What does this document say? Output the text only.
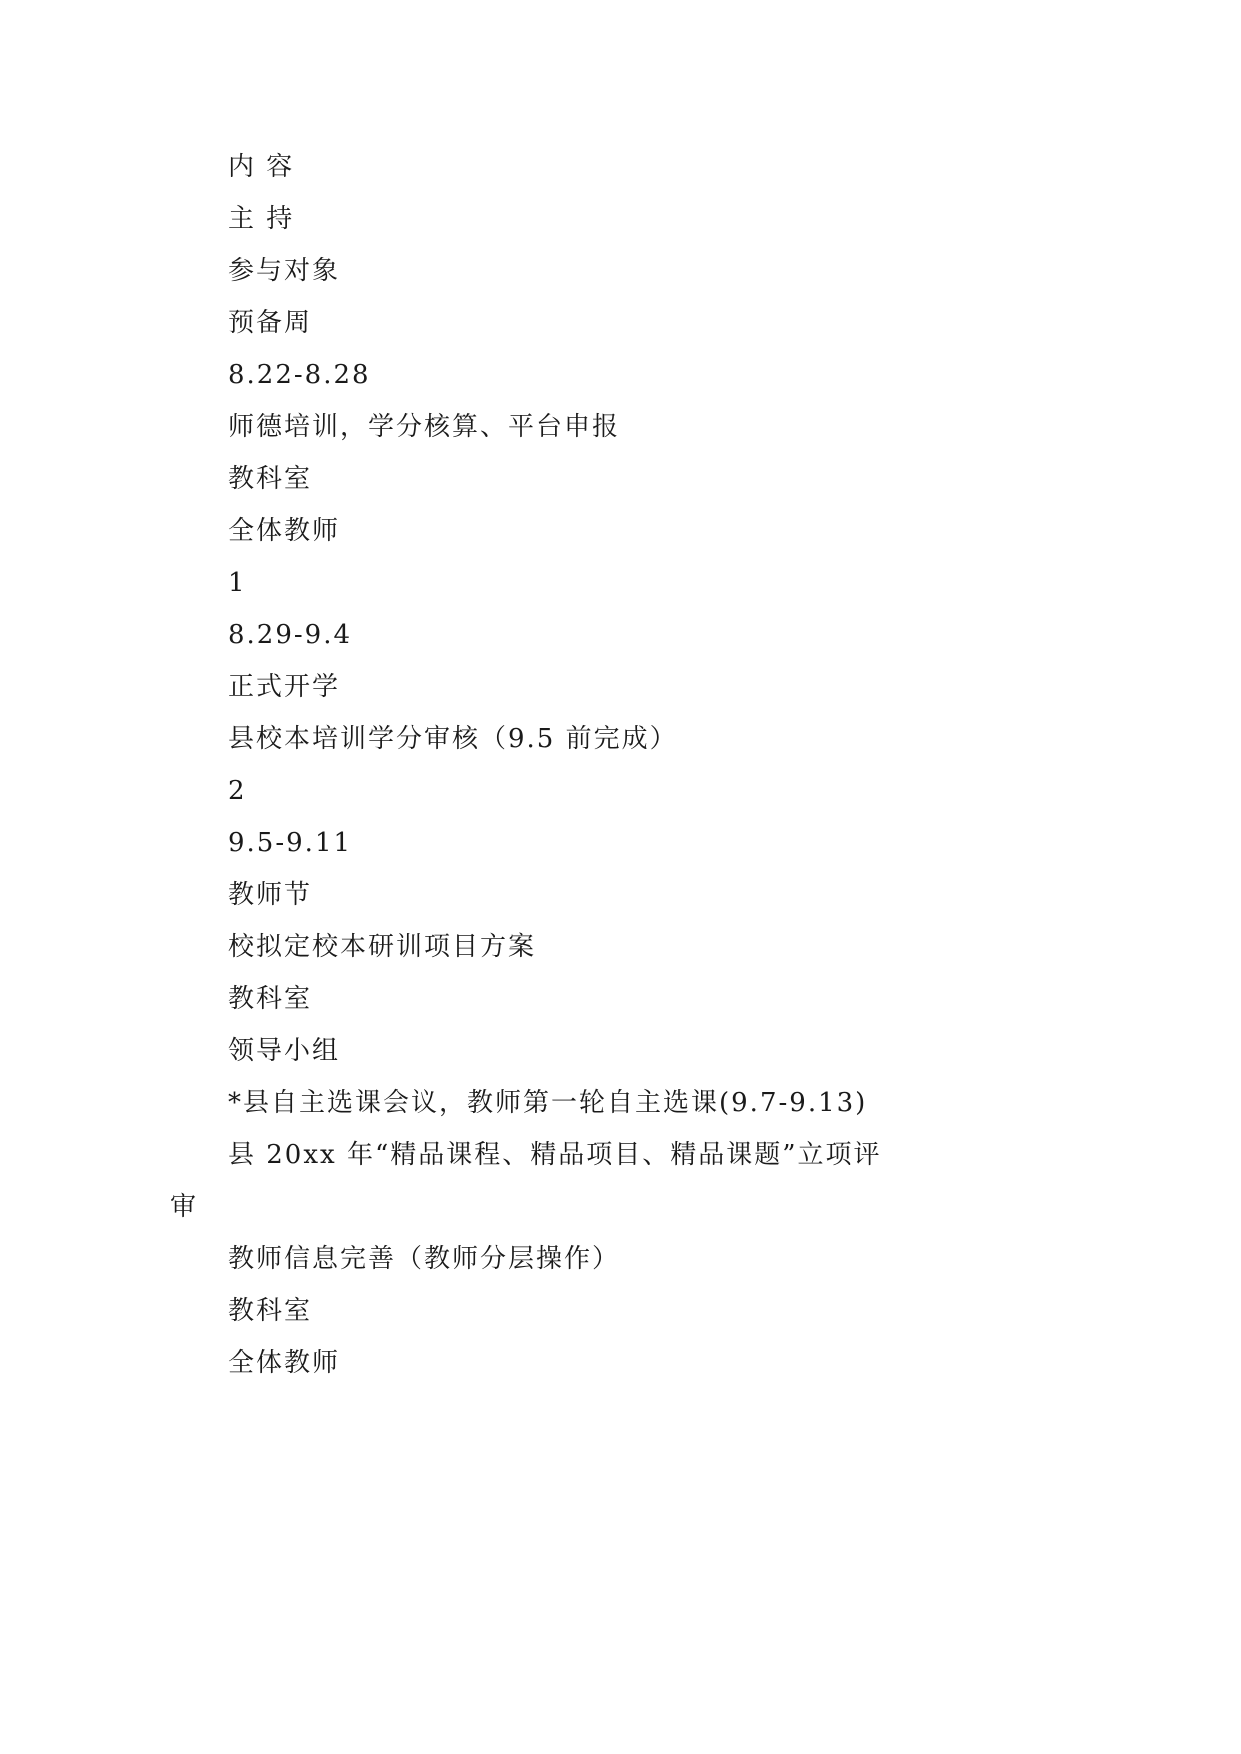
内 容
主 持
参与对象
预备周
8.22-8.28
师德培训，学分核算、平台申报
教科室
全体教师
1
8.29-9.4
正式开学
县校本培训学分审核（9.5 前完成）
2
9.5-9.11
教师节
校拟定校本研训项目方案
教科室
领导小组
*县自主选课会议，教师第一轮自主选课(9.7-9.13)
县 20xx 年“精品课程、精品项目、精品课题”立项评
审
教师信息完善（教师分层操作）
教科室
全体教师
